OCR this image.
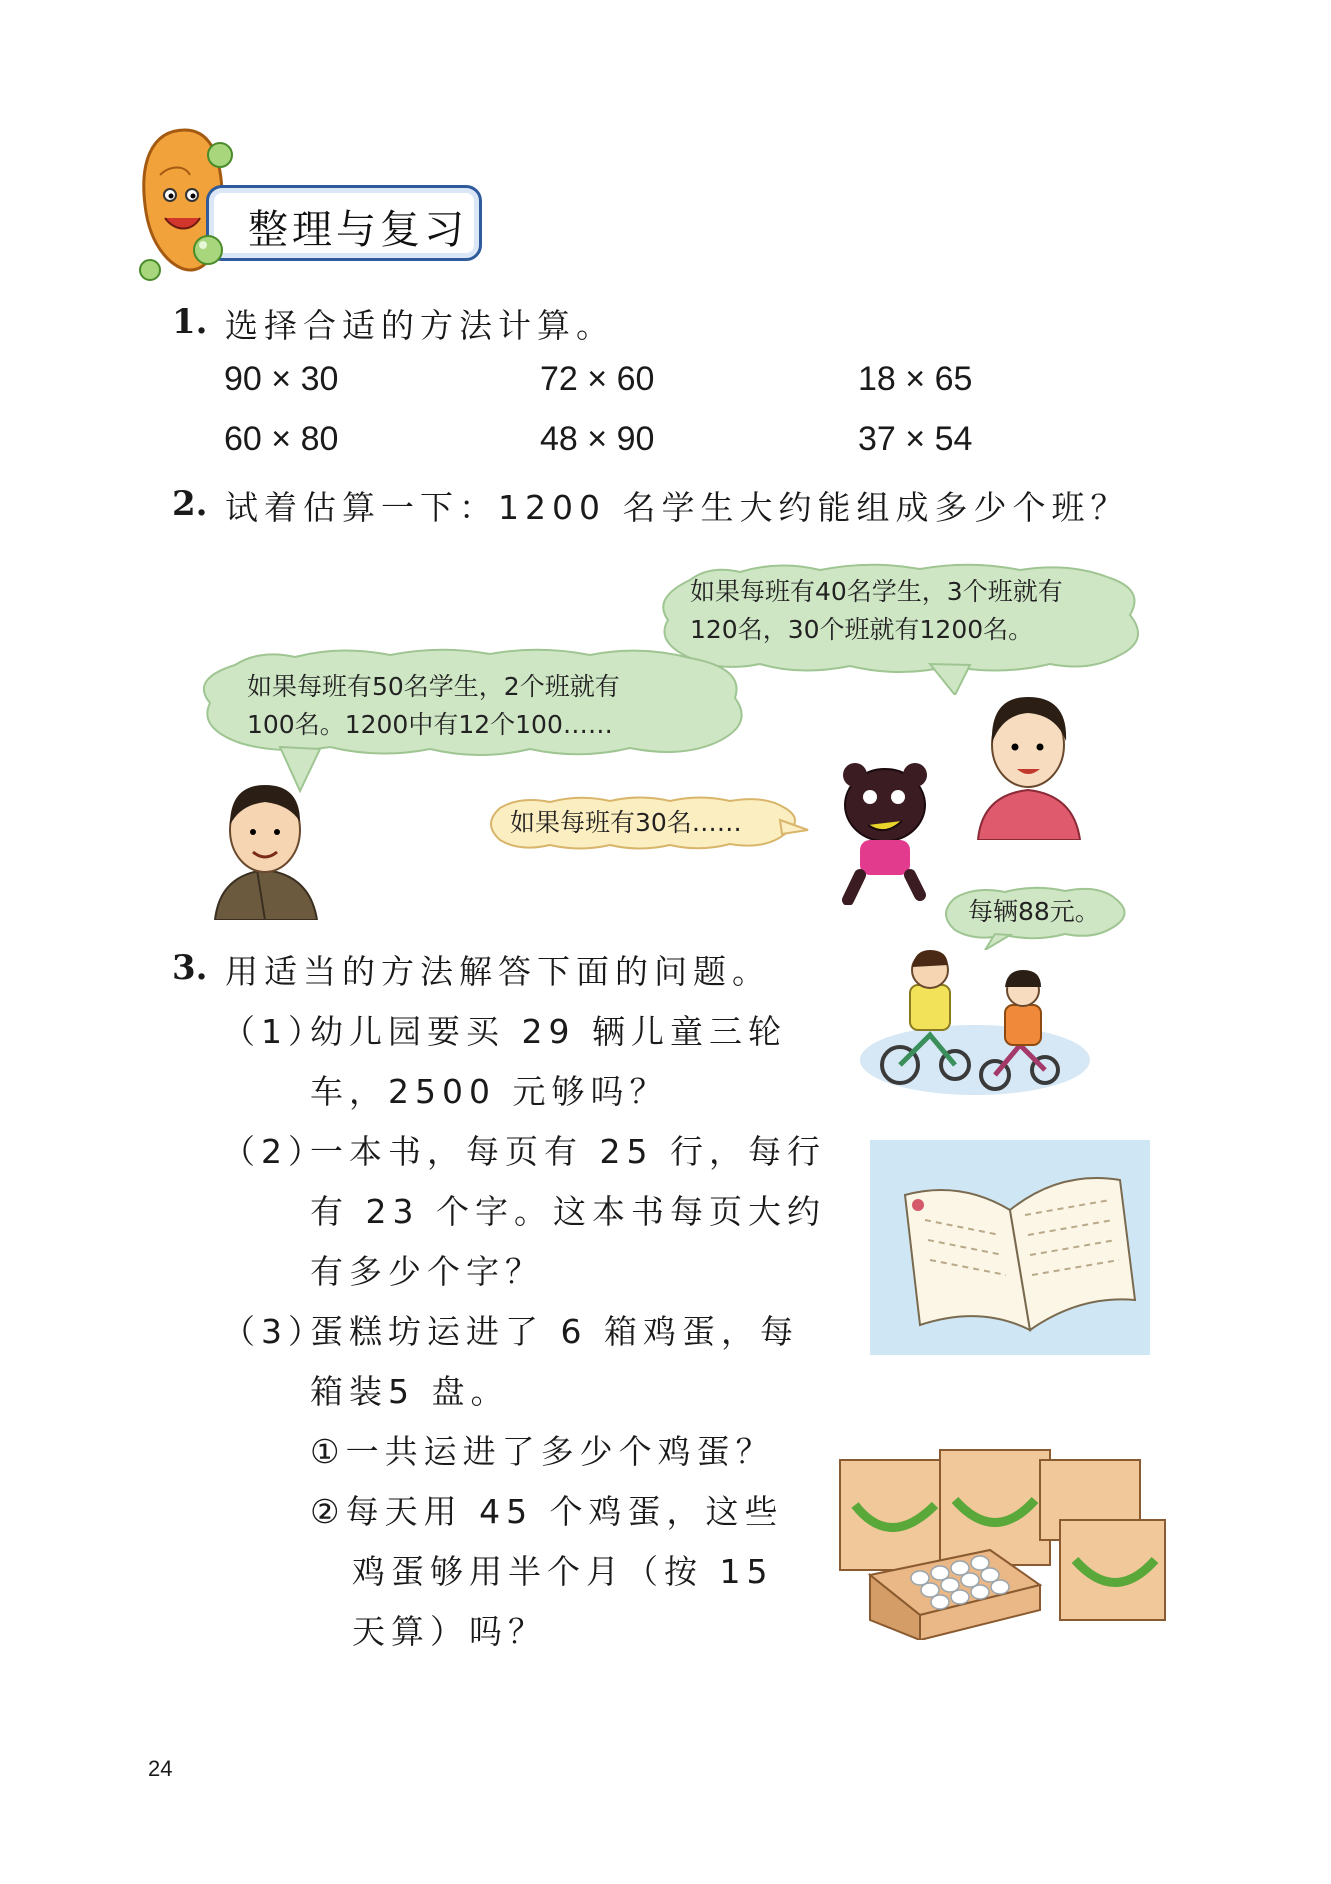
整理与复习
1. 选择合适的方法计算。
90 × 30	72 × 60	18 × 65
60 × 80	48 × 90	37 × 54
2. 试着估算一下：1200 名学生大约能组成多少个班？
如果每班有40名学生，3个班就有
120名，30个班就有1200名。
如果每班有50名学生，2个班就有
100名。1200中有12个100……
如果每班有30名……
3. 用适当的方法解答下面的问题。
每辆88元。
（1）
幼儿园要买 29 辆儿童三轮
车，2500 元够吗？
（2）
一本书，每页有 25 行，每行
有 23 个字。这本书每页大约
有多少个字？
（3）
蛋糕坊运进了 6 箱鸡蛋，每
箱装5 盘。
①一共运进了多少个鸡蛋？
②每天用 45 个鸡蛋，这些
鸡蛋够用半个月（按 15
天算）吗？
24
